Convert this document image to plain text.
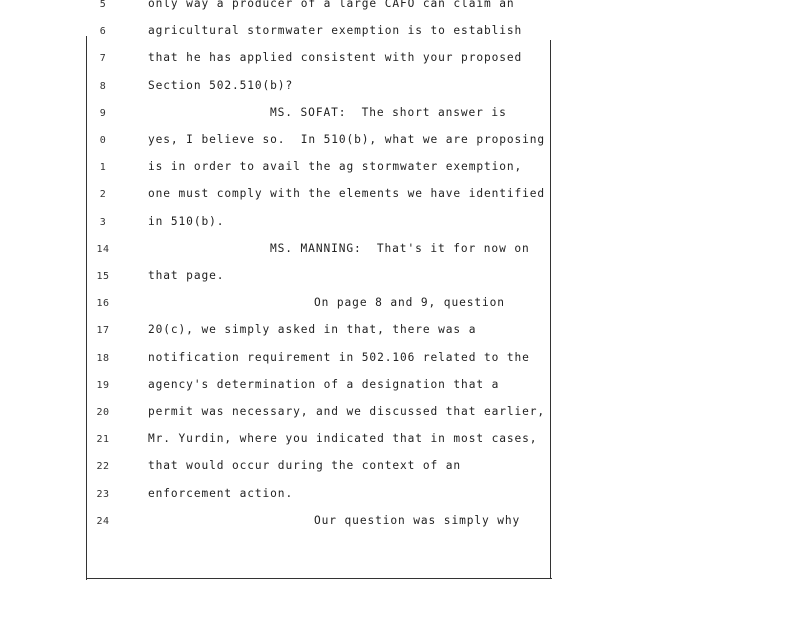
5	only way a producer of a large CAFO can claim an
6	agricultural stormwater exemption is to establish
7	that he has applied consistent with your proposed
8	Section 502.510(b)?
9	MS. SOFAT:  The short answer is
0	yes, I believe so.  In 510(b), what we are proposing
1	is in order to avail the ag stormwater exemption,
2	one must comply with the elements we have identified
3	in 510(b).
14	MS. MANNING:  That's it for now on
15	that page.
16	On page 8 and 9, question
17	20(c), we simply asked in that, there was a
18	notification requirement in 502.106 related to the
19	agency's determination of a designation that a
20	permit was necessary, and we discussed that earlier,
21	Mr. Yurdin, where you indicated that in most cases,
22	that would occur during the context of an
23	enforcement action.
24	Our question was simply why
